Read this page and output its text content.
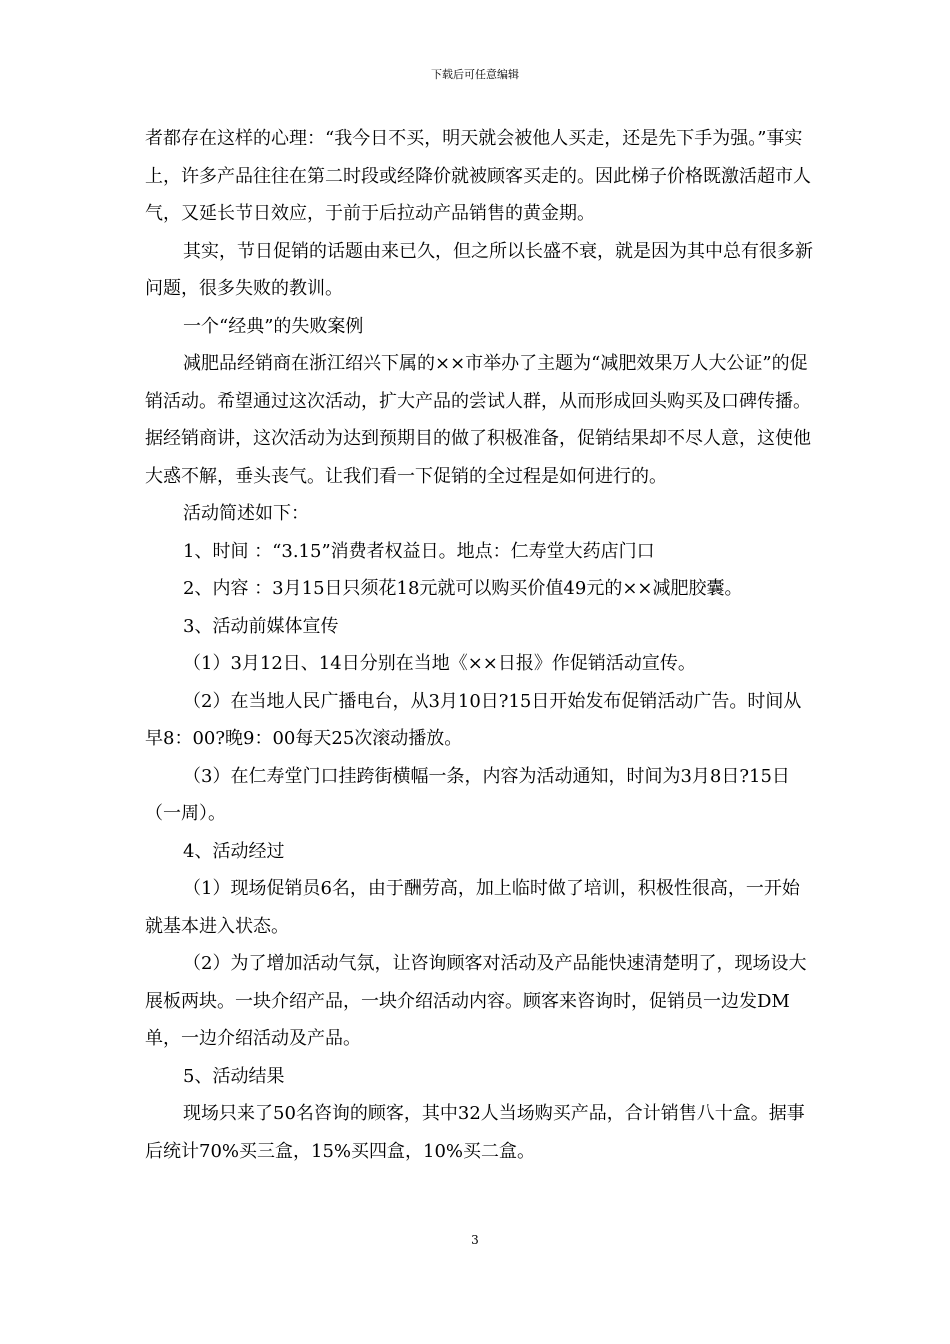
下载后可任意编辑

者都存在这样的心理：“我今日不买，明天就会被他人买走，还是先下手为强。”事实上，许多产品往往在第二时段或经降价就被顾客买走的。因此梯子价格既激活超市人气，又延长节日效应，于前于后拉动产品销售的黄金期。

其实，节日促销的话题由来已久，但之所以长盛不衰，就是因为其中总有很多新问题，很多失败的教训。

一个“经典”的失败案例

减肥品经销商在浙江绍兴下属的××市举办了主题为“减肥效果万人大公证”的促销活动。希望通过这次活动，扩大产品的尝试人群，从而形成回头购买及口碑传播。据经销商讲，这次活动为达到预期目的做了积极准备，促销结果却不尽人意，这使他大惑不解，垂头丧气。让我们看一下促销的全过程是如何进行的。

活动简述如下：

1、时间 ：“3.15”消费者权益日。地点：仁寿堂大药店门口

2、内容 ：3月15日只须花18元就可以购买价值49元的××减肥胶囊。

3、活动前媒体宣传

（1）3月12日、14日分别在当地《××日报》作促销活动宣传。

（2）在当地人民广播电台，从3月10日?15日开始发布促销活动广告。时间从早8：00?晚9：00每天25次滚动播放。

（3）在仁寿堂门口挂跨街横幅一条，内容为活动通知，时间为3月8日?15日（一周）。

4、活动经过

（1）现场促销员6名，由于酬劳高，加上临时做了培训，积极性很高，一开始就基本进入状态。

（2）为了增加活动气氛，让咨询顾客对活动及产品能快速清楚明了，现场设大展板两块。一块介绍产品，一块介绍活动内容。顾客来咨询时，促销员一边发DM单，一边介绍活动及产品。

5、活动结果

现场只来了50名咨询的顾客，其中32人当场购买产品，合计销售八十盒。据事后统计70%买三盒，15%买四盒，10%买二盒。

3
